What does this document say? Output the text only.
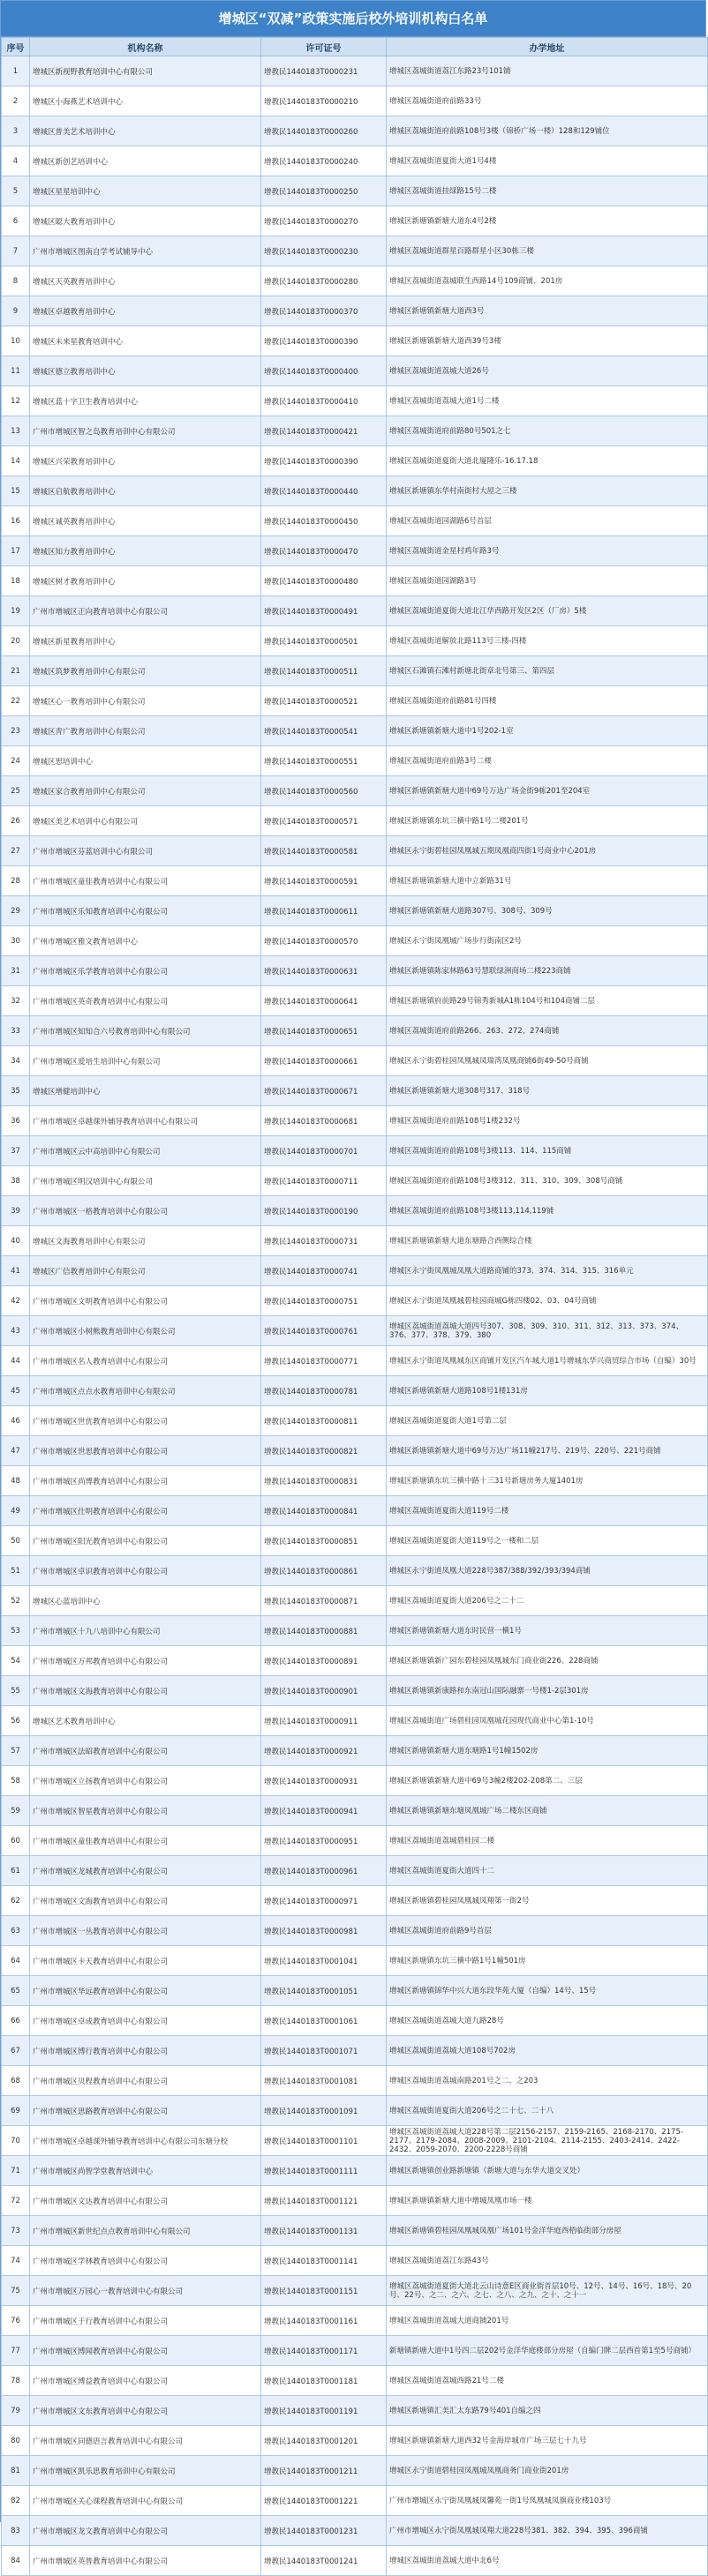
增城区“双减”政策实施后校外培训机构白名单
序号	机构名称	许可证号	办学地址
1	增城区新视野教育培训中心有限公司	增教民1440183T0000231	增城区荔城街道荔江东路23号101铺
2	增城区小海燕艺术培训中心	增教民1440183T0000210	增城区荔城街道府前路33号
3	增城区普美艺术培训中心	增教民1440183T0000260	增城区荔城街道府前路108号3楼（锦桥广场一楼）128和129铺位
4	增城区新创艺培训中心	增教民1440183T0000240	增城区荔城街道夏街大道1号4楼
5	增城区星星培训中心	增教民1440183T0000250	增城区荔城街道挂绿路15号二楼
6	增城区聪大教育培训中心	增教民1440183T0000270	增城区新塘镇新塘大道东4号2楼
7	广州市增城区图南自学考试辅导中心	增教民1440183T0000230	增城区荔城街道群星百路群星小区30栋三楼
8	增城区天英教育培训中心	增教民1440183T0000280	增城区荔城街道荔城联生西路14号109商铺、201房
9	增城区卓越教育培训中心	增教民1440183T0000370	增城区新塘镇新塘大道西3号
10	增城区未来星教育培训中心	增教民1440183T0000390	增城区新塘镇新塘大道西39号3楼
11	增城区德立教育培训中心	增教民1440183T0000400	增城区荔城街道荔城大道26号
12	增城区蓝十字卫生教育培训中心	增教民1440183T0000410	增城区荔城街道荔城大道1号二楼
13	广州市增城区智之岛教育培训中心有限公司	增教民1440183T0000421	增城区荔城街道府前路80号501之七
14	增城区兴荣教育培训中心	增教民1440183T0000390	增城区荔城街道夏街大道北厦隆乐-16.17.18
15	增城区启航教育培训中心	增教民1440183T0000440	增城区新塘镇东华村南街村大屋之三楼
16	增城区诚英教育培训中心	增教民1440183T0000450	增城区荔城街道园湖路6号首层
17	增城区知力教育培训中心	增教民1440183T0000470	增城区荔城街道金星村鸡年路3号
18	增城区树才教育培训中心	增教民1440183T0000480	增城区荔城街道园湖路3号
19	广州市增城区正向教育培训中心有限公司	增教民1440183T0000491	增城区荔城街道夏街大道北江华西路开发区2区（厂房）5楼
20	增城区新星教育培训中心	增教民1440183T0000501	增城区荔城街道解放北路113号三楼-四楼
21	增城区筑梦教育培训中心有限公司	增教民1440183T0000511	增城区石滩镇石滩村新塘北街章北号第三、第四层
22	增城区心一教育培训中心有限公司	增教民1440183T0000521	增城区荔城街道府前路81号四楼
23	增城区青广教育培训中心有限公司	增教民1440183T0000541	增城区新塘镇新塘大道中1号202-1室
24	增城区思培训中心	增教民1440183T0000551	增城区荔城街道府前路3号二楼
25	增城区家合教育培训中心有限公司	增教民1440183T0000560	增城区新塘镇新塘大道中69号万达广场金街9栋201至204室
26	增城区美艺术培训中心有限公司	增教民1440183T0000571	增城区新塘镇东坑三横中路1号二楼201号
27	广州市增城区芬蓝培训中心有限公司	增教民1440183T0000581	增城区永宁街碧桂园凤凰城五期凤凰商四街1号商业中心201房
28	广州市增城区童佳教育培训中心有限公司	增教民1440183T0000591	增城区新塘镇新塘大道中立新路31号
29	广州市增城区乐知教育培训中心有限公司	增教民1440183T0000611	增城区新塘镇新塘大道路307号、308号、309号
30	广州市增城区雅文教育培训中心	增教民1440183T0000570	增城区永宁街凤凰城广场步行街南区2号
31	广州市增城区乐学教育培训中心有限公司	增教民1440183T0000631	增城区新塘镇陈家林路63号慧联绿洲商场二楼223商铺
32	广州市增城区英奇教育培训中心有限公司	增教民1440183T0000641	增城区新塘镇府前路29号锦秀新城A1栋104号和104商铺二层
33	广州市增城区知知合六号教育培训中心有限公司	增教民1440183T0000651	增城区荔城街道府前路266、263、272、274商铺
34	广州市增城区爱培生培训中心有限公司	增教民1440183T0000661	增城区永宁街碧桂园凤凰城凤瑞湾凤凰商铺6街49-50号商铺
35	增城区增健培训中心	增教民1440183T0000671	增城区新塘镇新塘大道308号317、318号
36	广州市增城区卓越课外辅导教育培训中心有限公司	增教民1440183T0000681	增城区荔城街道府前路108号1楼232号
37	广州市增城区云中高培训中心有限公司	增教民1440183T0000701	增城区荔城街道府前路108号3楼113、114、115商铺
38	广州市增城区明汉培训中心有限公司	增教民1440183T0000711	增城区荔城街道府前路108号3楼312、311、310、309、308号商铺
39	广州市增城区一格教育培训中心有限公司	增教民1440183T0000190	增城区荔城街道府前路108号3楼113,114,119铺
40	增城区文海教育培训中心有限公司	增教民1440183T0000731	增城区新塘镇新塘大道东塘路合西侧综合楼
41	增城区广信教育培训中心有限公司	增教民1440183T0000741	增城区永宁街凤凰城凤凰大道路商铺的373、374、314、315、316单元
42	广州市增城区文明教育培训中心有限公司	增教民1440183T0000751	增城区永宁街道凤凰城碧桂园商城G栋四楼02、03、04号商铺
43	广州市增城区小树熊教育培训中心有限公司	增教民1440183T0000761	增城区荔城街道荔城大道四号307、308、309、310、311、312、313、373、374、376、377、378、379、380
44	广州市增城区名人教育培训中心有限公司	增教民1440183T0000771	增城区永宁街道凤凰城东区商铺开发区汽车城大道1号增城东华兴商贸综合市场（自编）30号
45	广州市增城区点点水教育培训中心有限公司	增教民1440183T0000781	增城区新塘镇新塘大道路108号1楼131房
46	广州市增城区世优教育培训中心有限公司	增教民1440183T0000811	增城区荔城街道夏街大道1号第二层
47	广州市增城区世思教育培训中心有限公司	增教民1440183T0000821	增城区新塘镇新塘大道中69号万达广场11幢217号、219号、220号、221号商铺
48	广州市增城区尚博教育培训中心有限公司	增教民1440183T0000831	增城区新塘镇东坑三横中路十三31号新塘房务大厦1401房
49	广州市增城区仕明教育培训中心有限公司	增教民1440183T0000841	增城区荔城街道夏街大道119号二楼
50	广州市增城区阳光教育培训中心有限公司	增教民1440183T0000851	增城区荔城街道夏街大道119号之一楼和二层
51	广州市增城区卓识教育培训中心有限公司	增教民1440183T0000861	增城区永宁街道凤凰大道228号387/388/392/393/394商铺
52	增城区心蓝培训中心	增教民1440183T0000871	增城区荔城街道夏街大道206号之二十二
53	广州市增城区十九八培训中心有限公司	增教民1440183T0000881	增城区新塘镇新塘大道东时民营一横1号
54	广州市增城区万邦教育培训中心有限公司	增教民1440183T0000891	增城区新塘镇新广园东碧桂园凤凰城东门商业街226、228商铺
55	广州市增城区文海教育培训中心有限公司	增教民1440183T0000901	增城区新塘镇新康路和东南冠山国际融寨一号楼1-2层301房
56	增城区艺术教育培训中心	增教民1440183T0000911	增城区荔城街道广场碧桂园凤凰城花园现代商业中心第1-10号
57	广州市增城区法昭教育培训中心有限公司	增教民1440183T0000921	增城区新塘镇新塘大道东塘路1号1幢1502房
58	广州市增城区立扬教育培训中心有限公司	增教民1440183T0000931	增城区新塘镇新塘大道中69号3幢2楼202-208第二、三层
59	广州市增城区智星教育培训中心有限公司	增教民1440183T0000941	增城区新塘镇新塘东塘凤凰城广场二楼东区商铺
60	广州市增城区童佳教育培训中心有限公司	增教民1440183T0000951	增城区荔城街道荔城碧桂园二楼
61	广州市增城区龙城教育培训中心有限公司	增教民1440183T0000961	增城区荔城街道夏街大道四十二
62	广州市增城区文海教育培训中心有限公司	增教民1440183T0000971	增城区新塘镇碧桂园凤凰城凤翔第一街2号
63	广州市增城区一丛教育培训中心有限公司	增教民1440183T0000981	增城区荔城街道府前路9号首层
64	广州市增城区卡天教育培训中心有限公司	增教民1440183T0001041	增城区新塘镇东坑三横中路1号1幢501房
65	广州市增城区华远教育培训中心有限公司	增教民1440183T0001051	增城区新塘镇锦华中兴大道东段华苑大厦（自编）14号、15号
66	广州市增城区卓成教育培训中心有限公司	增教民1440183T0001061	增城区荔城街道荔城大道九路28号
67	广州市增城区博行教育培训中心有限公司	增教民1440183T0001071	增城区荔城街道荔城大道108号702房
68	广州市增城区贝程教育培训中心有限公司	增教民1440183T0001081	增城区荔城街道荔城南路201号之二、之203
69	广州市增城区思路教育培训中心有限公司	增教民1440183T0001091	增城区荔城街道夏街大道206号之二十七、二十八
70	广州市增城区卓越课外辅导教育培训中心有限公司东塘分校	增教民1440183T0001101	增城区荔城街道荔城大道228号第二层2156-2157、2159-2165、2168-2170、2175-2177、2179-2084、2008-2009、2101-2104、2114-2155、2403-2414、2422-2432、2059-2070、2200-2228号商铺
71	广州市增城区尚智学堂教育培训中心	增教民1440183T0001111	增城区新塘镇创业路新塘镇（新塘大道与东华大道交叉处）
72	广州市增城区文达教育培训中心有限公司	增教民1440183T0001121	增城区新塘镇新塘大道中增城凤凰市场一楼
73	广州市增城区新世纪点点教育培训中心有限公司	增教民1440183T0001131	增城区新塘镇碧桂园凤凰城凤凰广场101号金洋华庭西梧临街部分房屋
74	广州市增城区学林教育培训中心有限公司	增教民1440183T0001141	增城区荔城街道荔江东路43号
75	广州市增城区万园心一教育培训中心有限公司	增教民1440183T0001151	增城区荔城街道夏街大道北云山诗意E区商业街首层10号、12号、14号、16号、18号、20号、22号、之二、之六、之七、之八、之九、之十、之十一
76	广州市增城区于行教育培训中心有限公司	增教民1440183T0001161	增城区荔城街道荔城大道商铺201号
77	广州市增城区博闻教育培训中心有限公司	增教民1440183T0001171	新塘镇新塘大道中1号四二层202号金洋华庭楼部分房屋（自编门牌二层西首第1至5号商铺）
78	广州市增城区博益教育培训中心有限公司	增教民1440183T0001181	增城区荔城街道荔城西路21号二楼
79	广州市增城区文东教育培训中心有限公司	增教民1440183T0001191	增城区新塘镇汇美汇太东路79号401自编之四
80	广州市增城区同德语言教育培训中心有限公司	增教民1440183T0001201	增城区新塘镇新塘大道西32号金海岸城市广场三层七十九号
81	广州市增城区凯乐思教育培训中心有限公司	增教民1440183T0001211	增城区永宁街道碧桂园凤凰城凤凰商务门商业街201房
82	广州市增城区关心课程教育培训中心有限公司	增教民1440183T0001221	广州市增城区永宁街凤凰城凤馨苑一街1号凤凰城凤旗商业楼103号
83	广州市增城区龙文教育培训中心有限公司	增教民1440183T0001231	广州市增城区永宁街凤凰城凤翔大道228号381、382、394、395、396商铺
84	广州市增城区英普教育培训中心有限公司	增教民1440183T0001241	增城区荔城街道荔城大道中北6号
